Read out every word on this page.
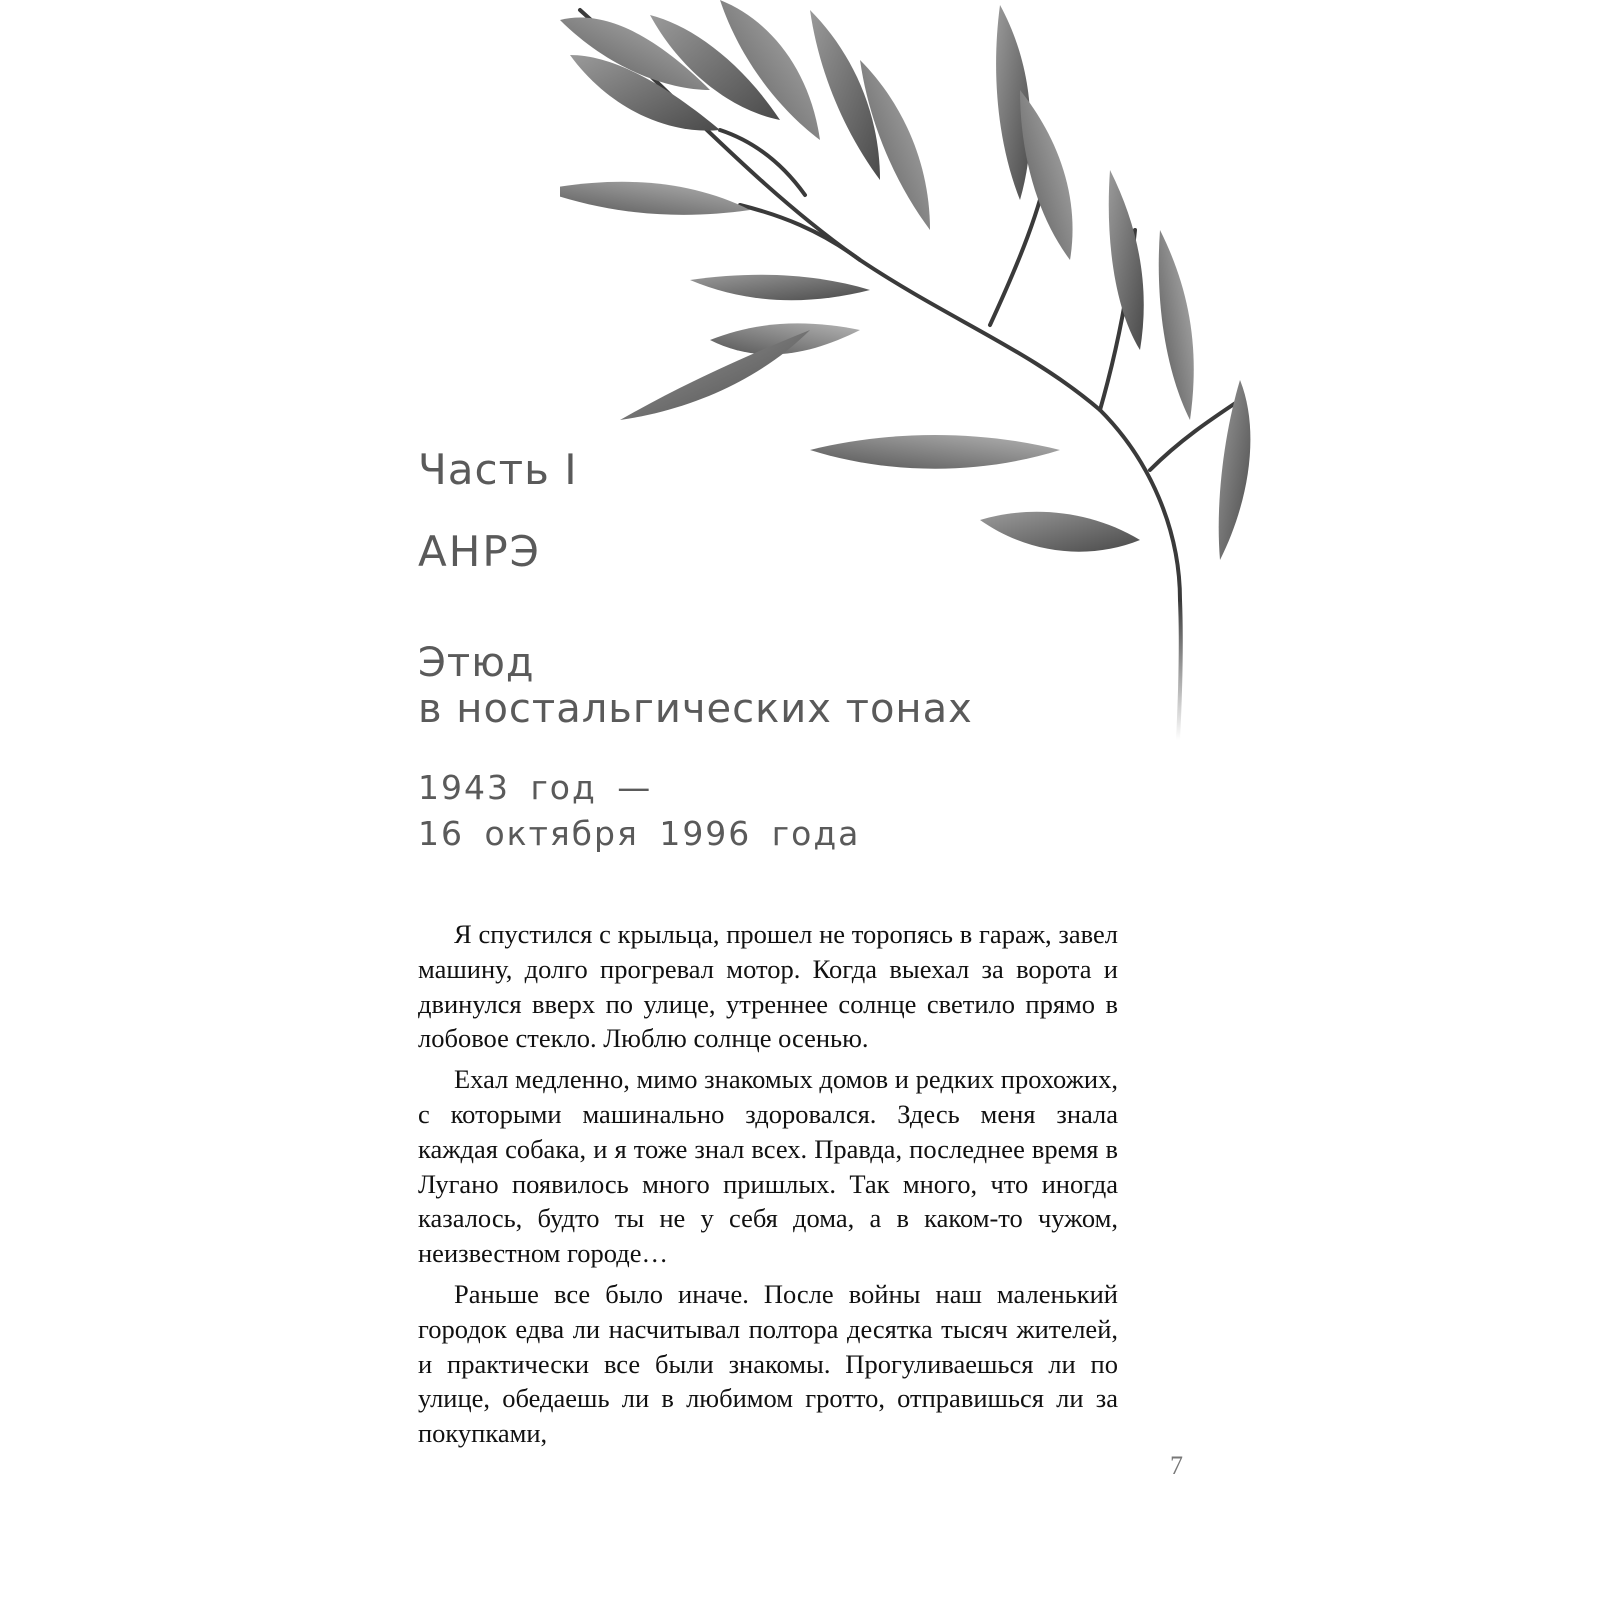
Часть I
АНРЭ
Этюд
в ностальгических тонах
1943 год —
16 октября 1996 года

Я спустился с крыльца, прошел не торопясь в гараж, завел машину, долго прогревал мотор. Когда выехал за ворота и двинулся вверх по улице, утреннее солнце светило прямо в лобовое стекло. Люблю солнце осенью.

Ехал медленно, мимо знакомых домов и редких прохожих, с которыми машинально здоровался. Здесь меня знала каждая собака, и я тоже знал всех. Правда, последнее время в Лугано появилось много пришлых. Так много, что иногда казалось, будто ты не у себя дома, а в каком-то чужом, неизвестном городе…

Раньше все было иначе. После войны наш маленький городок едва ли насчитывал полтора десятка тысяч жителей, и практически все были знакомы. Прогуливаешься ли по улице, обедаешь ли в любимом гротто, отправишься ли за покупками,

7
